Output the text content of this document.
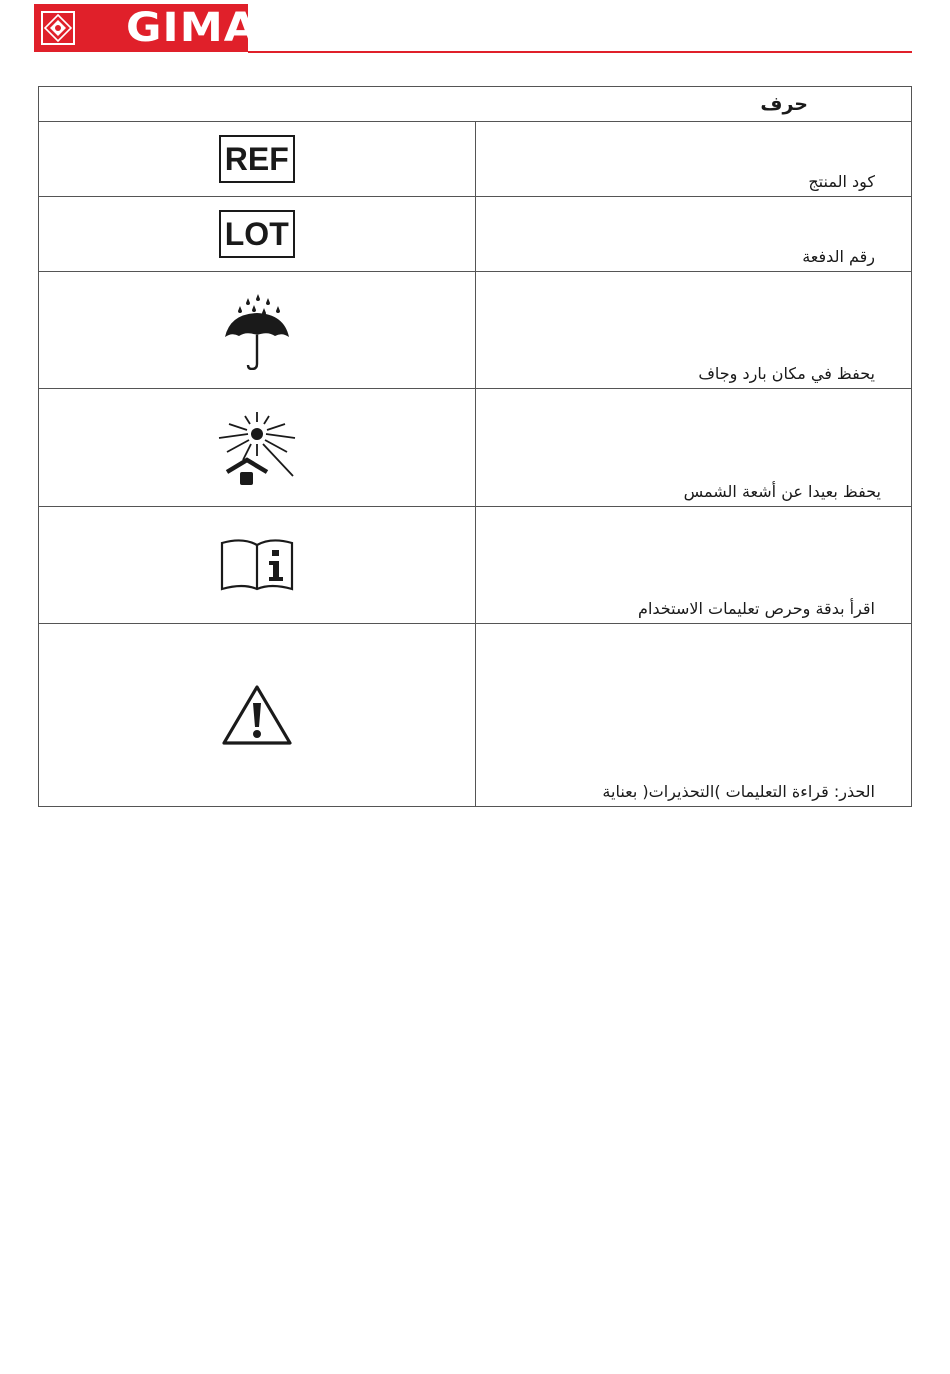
GIMA
حرف	
REF	كود المنتج
LOT	رقم الدفعة

	يحفظ في مكان بارد وجاف

	يحفظ بعيدا عن أشعة الشمس

	اقرأ بدقة وحرص تعليمات الاستخدام

	الحذر: قراءة التعليمات )التحذيرات( بعناية
